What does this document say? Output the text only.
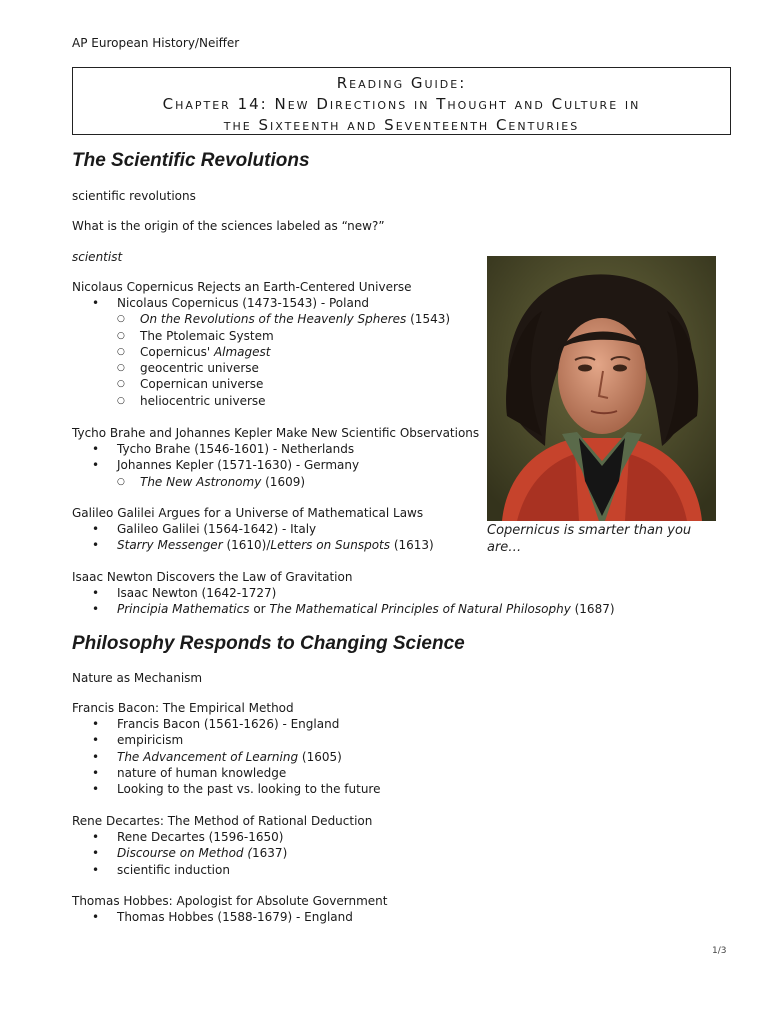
AP European History/Neiffer
Reading Guide:
Chapter 14: New Directions in Thought and Culture in
the Sixteenth and Seventeenth Centuries
The Scientific Revolutions
scientific revolutions
What is the origin of the sciences labeled as “new?”
scientist
Nicolaus Copernicus Rejects an Earth-Centered Universe
• Nicolaus Copernicus (1473-1543) - Poland
○ On the Revolutions of the Heavenly Spheres (1543)
○ The Ptolemaic System
○ Copernicus' Almagest
○ geocentric universe
○ Copernican universe
○ heliocentric universe
Tycho Brahe and Johannes Kepler Make New Scientific Observations
• Tycho Brahe (1546-1601) - Netherlands
• Johannes Kepler (1571-1630) - Germany
○ The New Astronomy (1609)
Galileo Galilei Argues for a Universe of Mathematical Laws
• Galileo Galilei (1564-1642) - Italy
• Starry Messenger (1610)/Letters on Sunspots (1613)
Isaac Newton Discovers the Law of Gravitation
• Isaac Newton (1642-1727)
• Principia Mathematics or The Mathematical Principles of Natural Philosophy (1687)
Copernicus is smarter than you are…
Philosophy Responds to Changing Science
Nature as Mechanism
Francis Bacon: The Empirical Method
• Francis Bacon (1561-1626) - England
• empiricism
• The Advancement of Learning (1605)
• nature of human knowledge
• Looking to the past vs. looking to the future
Rene Decartes: The Method of Rational Deduction
• Rene Decartes (1596-1650)
• Discourse on Method (1637)
• scientific induction
Thomas Hobbes: Apologist for Absolute Government
• Thomas Hobbes (1588-1679) - England
1/3
